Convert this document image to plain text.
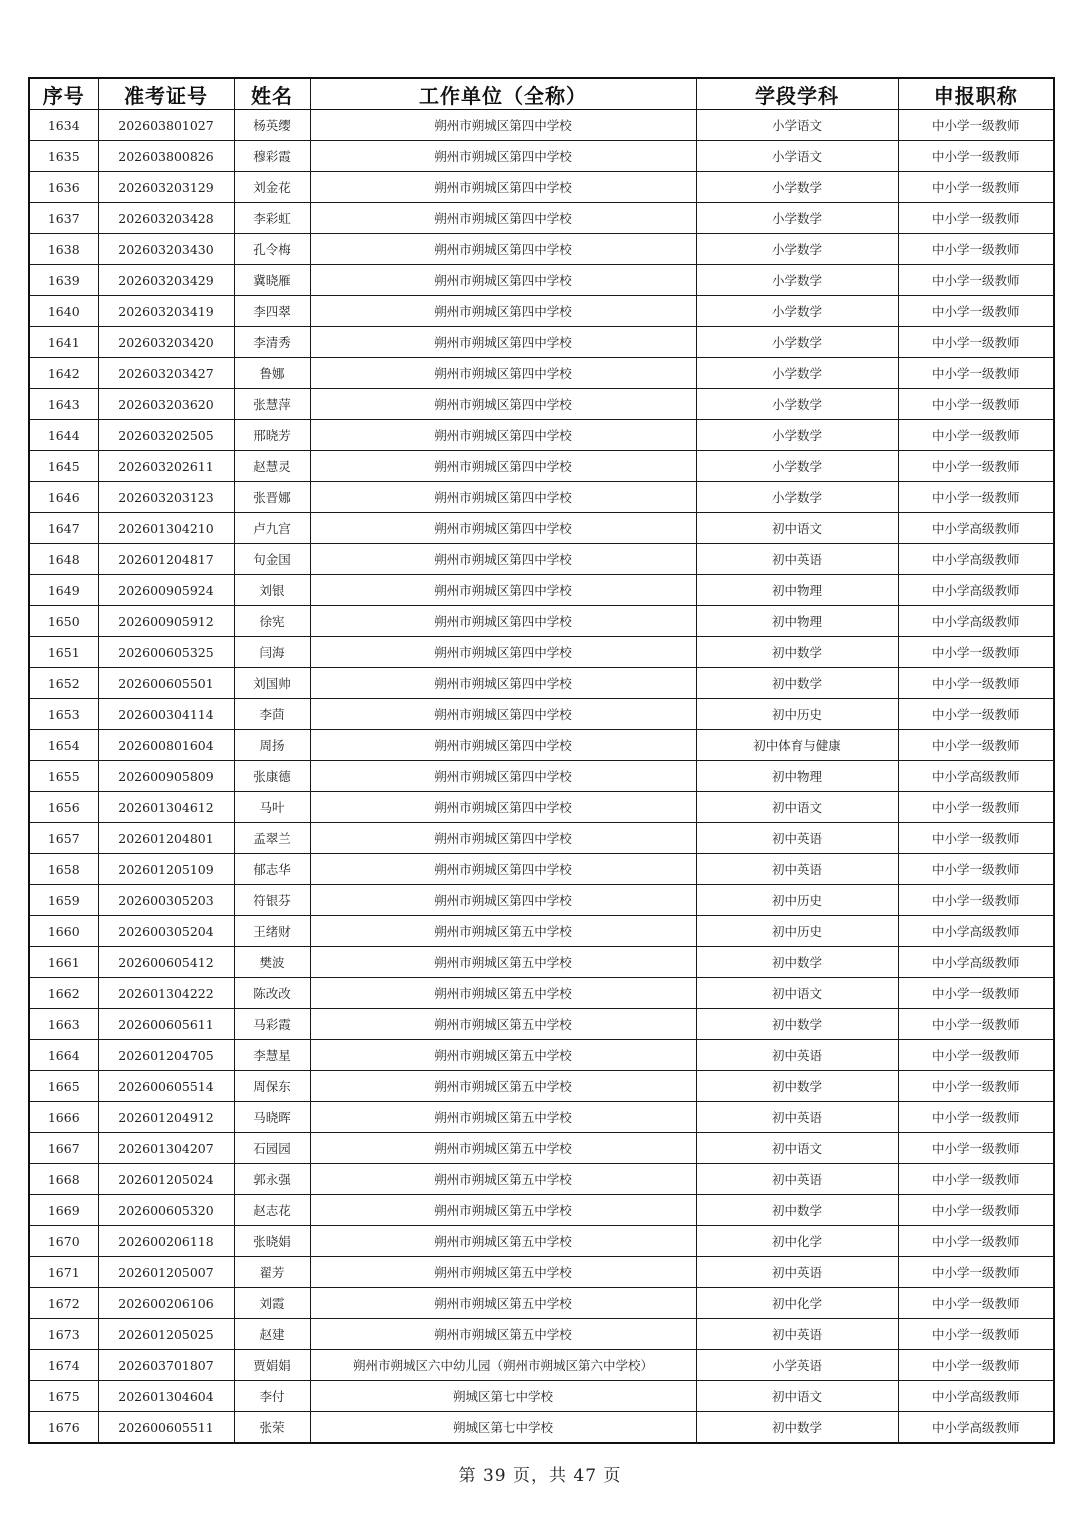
序号	准考证号	姓名	工作单位（全称）	学段学科	申报职称
1634	202603801027	杨英缨	朔州市朔城区第四中学校	小学语文	中小学一级教师
1635	202603800826	穆彩霞	朔州市朔城区第四中学校	小学语文	中小学一级教师
1636	202603203129	刘金花	朔州市朔城区第四中学校	小学数学	中小学一级教师
1637	202603203428	李彩虹	朔州市朔城区第四中学校	小学数学	中小学一级教师
1638	202603203430	孔令梅	朔州市朔城区第四中学校	小学数学	中小学一级教师
1639	202603203429	冀晓雁	朔州市朔城区第四中学校	小学数学	中小学一级教师
1640	202603203419	李四翠	朔州市朔城区第四中学校	小学数学	中小学一级教师
1641	202603203420	李清秀	朔州市朔城区第四中学校	小学数学	中小学一级教师
1642	202603203427	鲁娜	朔州市朔城区第四中学校	小学数学	中小学一级教师
1643	202603203620	张慧萍	朔州市朔城区第四中学校	小学数学	中小学一级教师
1644	202603202505	邢晓芳	朔州市朔城区第四中学校	小学数学	中小学一级教师
1645	202603202611	赵慧灵	朔州市朔城区第四中学校	小学数学	中小学一级教师
1646	202603203123	张晋娜	朔州市朔城区第四中学校	小学数学	中小学一级教师
1647	202601304210	卢九宫	朔州市朔城区第四中学校	初中语文	中小学高级教师
1648	202601204817	句金国	朔州市朔城区第四中学校	初中英语	中小学高级教师
1649	202600905924	刘银	朔州市朔城区第四中学校	初中物理	中小学高级教师
1650	202600905912	徐宪	朔州市朔城区第四中学校	初中物理	中小学高级教师
1651	202600605325	闫海	朔州市朔城区第四中学校	初中数学	中小学一级教师
1652	202600605501	刘国帅	朔州市朔城区第四中学校	初中数学	中小学一级教师
1653	202600304114	李茴	朔州市朔城区第四中学校	初中历史	中小学一级教师
1654	202600801604	周扬	朔州市朔城区第四中学校	初中体育与健康	中小学一级教师
1655	202600905809	张康德	朔州市朔城区第四中学校	初中物理	中小学高级教师
1656	202601304612	马叶	朔州市朔城区第四中学校	初中语文	中小学一级教师
1657	202601204801	孟翠兰	朔州市朔城区第四中学校	初中英语	中小学一级教师
1658	202601205109	郁志华	朔州市朔城区第四中学校	初中英语	中小学一级教师
1659	202600305203	符银芬	朔州市朔城区第四中学校	初中历史	中小学一级教师
1660	202600305204	王绪财	朔州市朔城区第五中学校	初中历史	中小学高级教师
1661	202600605412	樊波	朔州市朔城区第五中学校	初中数学	中小学高级教师
1662	202601304222	陈改改	朔州市朔城区第五中学校	初中语文	中小学一级教师
1663	202600605611	马彩霞	朔州市朔城区第五中学校	初中数学	中小学一级教师
1664	202601204705	李慧星	朔州市朔城区第五中学校	初中英语	中小学一级教师
1665	202600605514	周保东	朔州市朔城区第五中学校	初中数学	中小学一级教师
1666	202601204912	马晓晖	朔州市朔城区第五中学校	初中英语	中小学一级教师
1667	202601304207	石园园	朔州市朔城区第五中学校	初中语文	中小学一级教师
1668	202601205024	郭永强	朔州市朔城区第五中学校	初中英语	中小学一级教师
1669	202600605320	赵志花	朔州市朔城区第五中学校	初中数学	中小学一级教师
1670	202600206118	张晓娟	朔州市朔城区第五中学校	初中化学	中小学一级教师
1671	202601205007	翟芳	朔州市朔城区第五中学校	初中英语	中小学一级教师
1672	202600206106	刘霞	朔州市朔城区第五中学校	初中化学	中小学一级教师
1673	202601205025	赵建	朔州市朔城区第五中学校	初中英语	中小学一级教师
1674	202603701807	贾娟娟	朔州市朔城区六中幼儿园（朔州市朔城区第六中学校）	小学英语	中小学一级教师
1675	202601304604	李付	朔城区第七中学校	初中语文	中小学高级教师
1676	202600605511	张荣	朔城区第七中学校	初中数学	中小学高级教师
第 39 页，共 47 页
